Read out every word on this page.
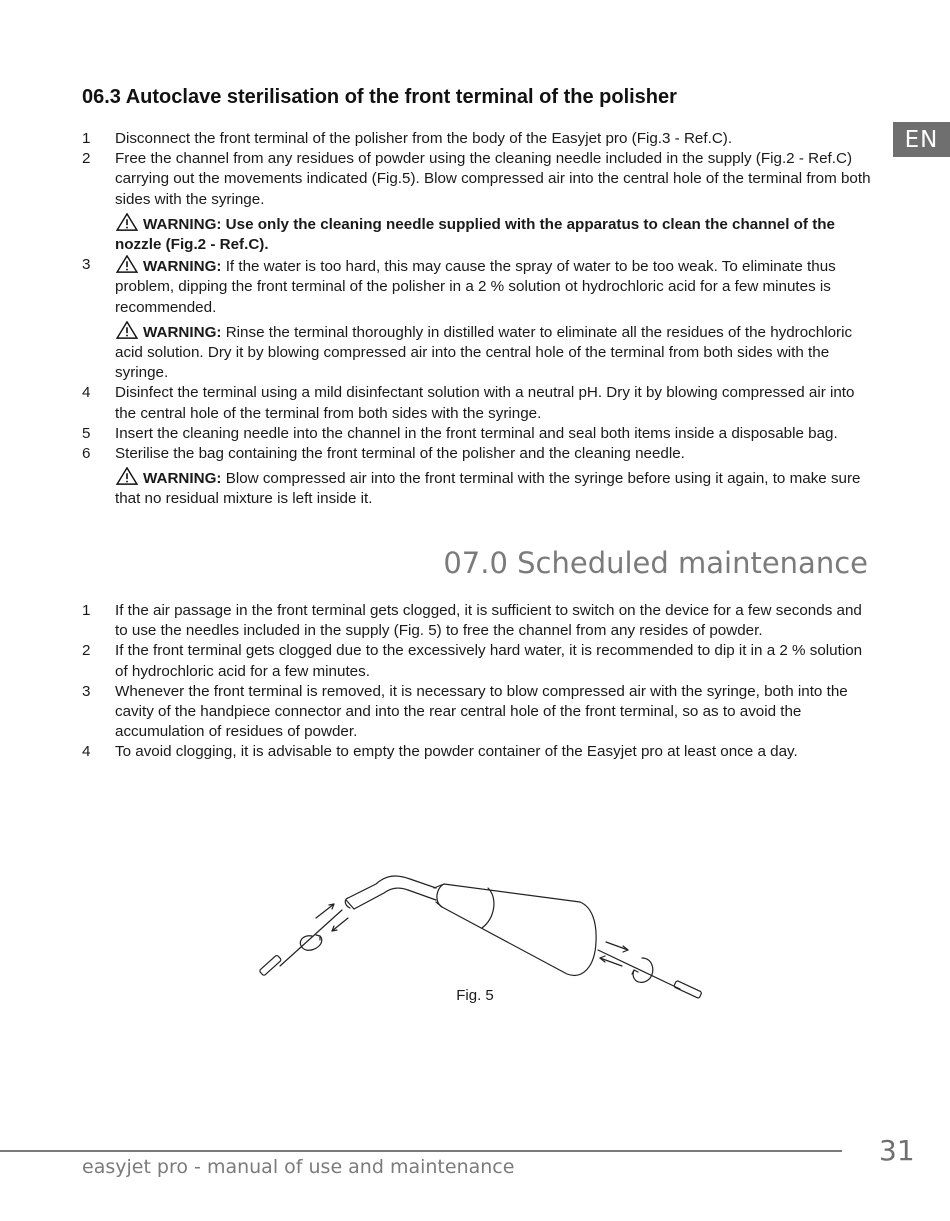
EN
06.3 Autoclave sterilisation of the front terminal of the polisher
1	Disconnect the front terminal of the polisher from the body of the Easyjet pro (Fig.3 - Ref.C).
2	Free the channel from any residues of powder using the cleaning needle included in the supply (Fig.2 - Ref.C) carrying out the movements indicated (Fig.5). Blow compressed air into the central hole of the terminal from both sides with the syringe.
WARNING: Use only the cleaning needle supplied with the apparatus to clean the channel of the nozzle (Fig.2 - Ref.C).
3	WARNING: If the water is too hard, this may cause the spray of water to be too weak. To eliminate thus problem, dipping the front terminal of the polisher in a 2 % solution ot hydrochloric acid for a few minutes is recommended.
WARNING: Rinse the terminal thoroughly in distilled water to eliminate all the residues of the hydrochloric acid solution. Dry it by blowing compressed air into the central hole of the terminal from both sides with the syringe.
4	Disinfect the terminal using a mild disinfectant solution with a neutral pH. Dry it by blowing compressed air into the central hole of the terminal from both sides with the syringe.
5	Insert the cleaning needle into the channel in the front terminal and seal both items inside a disposable bag.
6	Sterilise the bag containing the front terminal of the polisher and the cleaning needle.
WARNING: Blow compressed air into the front terminal with the syringe before using it again, to make sure that no residual mixture is left inside it.
07.0 Scheduled maintenance
1	If the air passage in the front terminal gets clogged, it is sufficient to switch on the device for a few seconds and to use the needles included in the supply (Fig. 5) to free the channel from any resides of powder.
2	If the front terminal gets clogged due to the excessively hard water, it is recommended to dip it in a 2 % solution of hydrochloric acid for a few minutes.
3	Whenever the front terminal is removed, it is necessary to blow compressed air with the syringe, both into the cavity of the handpiece connector and into the rear central hole of the front terminal, so as to avoid the accumulation of residues of powder.
4	To avoid clogging, it is advisable to empty the powder container of the Easyjet pro at least once a day.
Fig. 5
easyjet pro - manual of use and maintenance	31
